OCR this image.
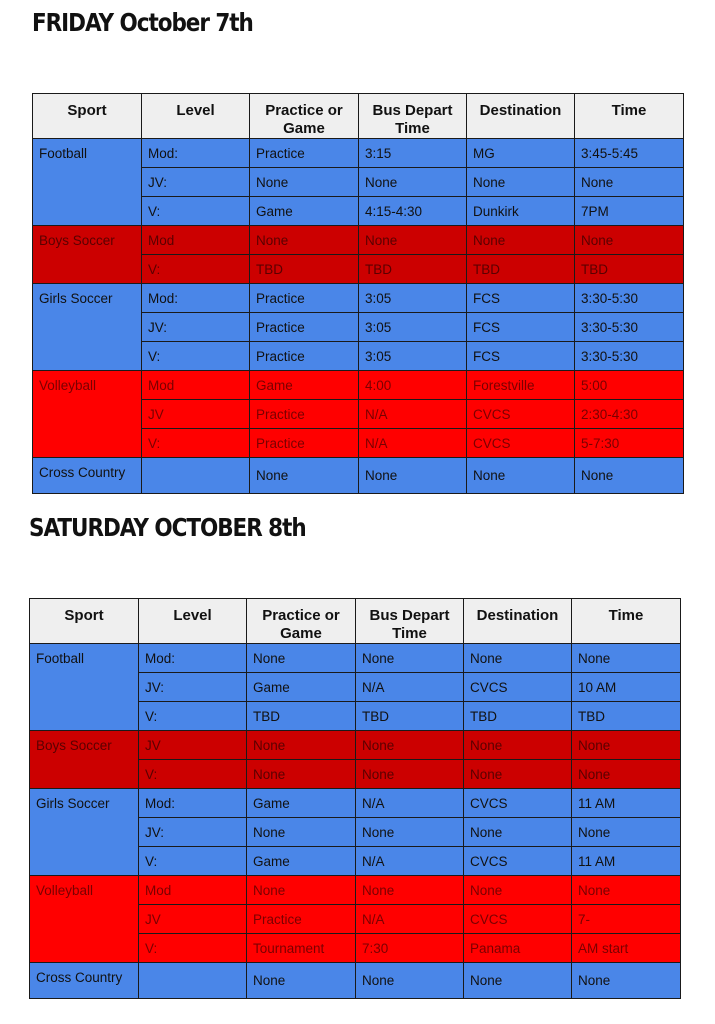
FRIDAY October 7th
Sport	Level	Practice or Game	Bus Depart Time	Destination	Time
Football	Mod:	Practice	3:15	MG	3:45-5:45
	JV:	None	None	None	None
	V:	Game	4:15-4:30	Dunkirk	7PM
Boys Soccer	Mod	None	None	None	None
	V:	TBD	TBD	TBD	TBD
Girls Soccer	Mod:	Practice	3:05	FCS	3:30-5:30
	JV:	Practice	3:05	FCS	3:30-5:30
	V:	Practice	3:05	FCS	3:30-5:30
Volleyball	Mod	Game	4:00	Forestville	5:00
	JV	Practice	N/A	CVCS	2:30-4:30
	V:	Practice	N/A	CVCS	5-7:30
Cross Country		None	None	None	None
SATURDAY OCTOBER 8th
Sport	Level	Practice or Game	Bus Depart Time	Destination	Time
Football	Mod:	None	None	None	None
	JV:	Game	N/A	CVCS	10 AM
	V:	TBD	TBD	TBD	TBD
Boys Soccer	JV	None	None	None	None
	V:	None	None	None	None
Girls Soccer	Mod:	Game	N/A	CVCS	11 AM
	JV:	None	None	None	None
	V:	Game	N/A	CVCS	11 AM
Volleyball	Mod	None	None	None	None
	JV	Practice	N/A	CVCS	7-
	V:	Tournament	7:30	Panama	AM start
Cross Country		None	None	None	None
